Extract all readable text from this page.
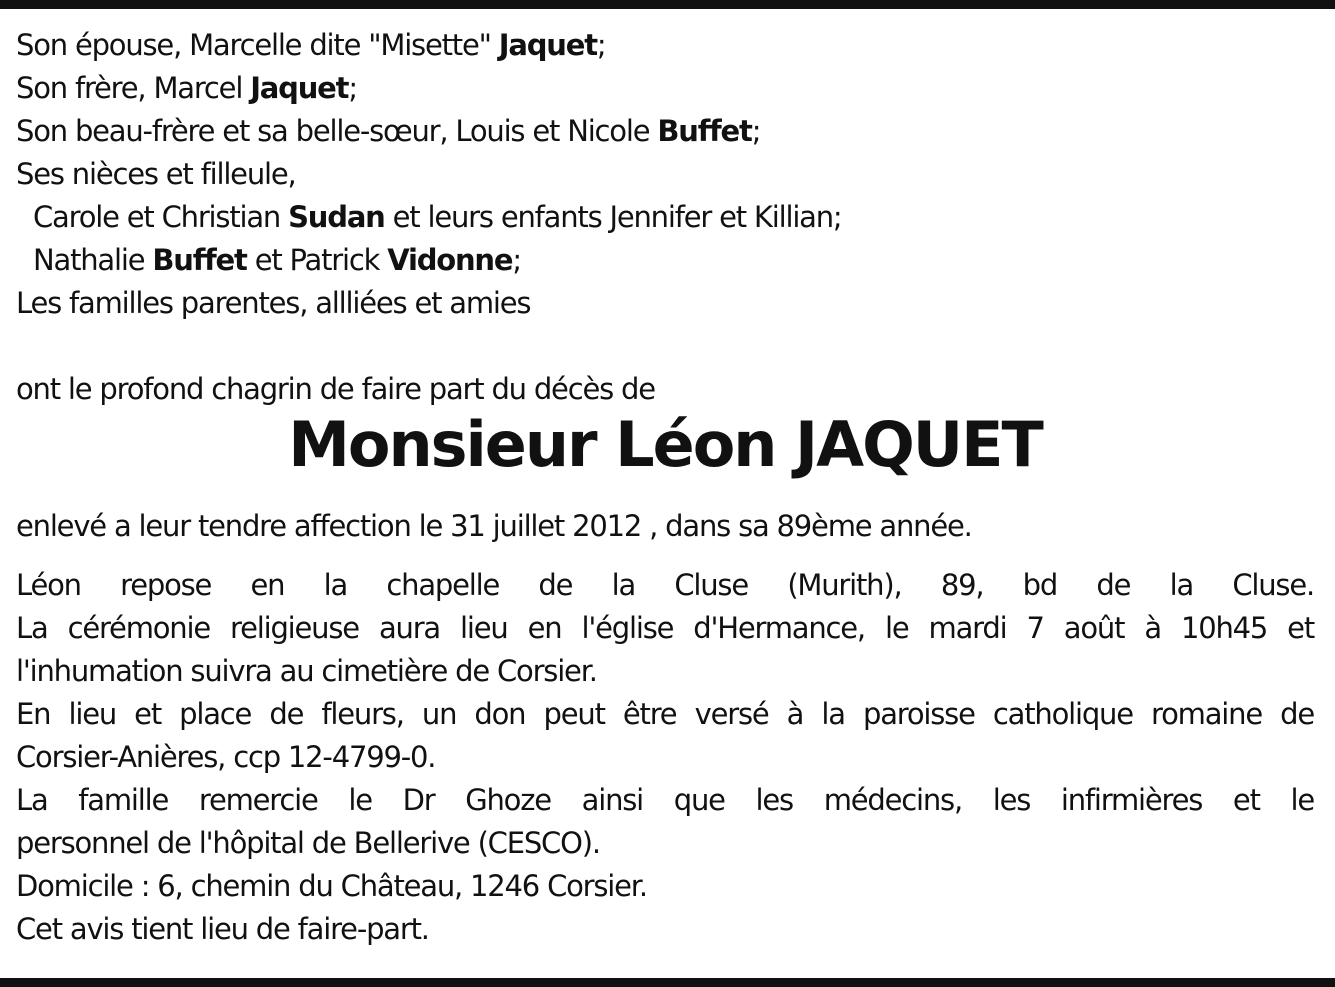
Son épouse, Marcelle dite "Misette" Jaquet;
Son frère, Marcel Jaquet;
Son beau-frère et sa belle-sœur, Louis et Nicole Buffet;
Ses nièces et filleule,
Carole et Christian Sudan et leurs enfants Jennifer et Killian;
Nathalie Buffet et Patrick Vidonne;
Les familles parentes, allliées et amies
ont le profond chagrin de faire part du décès de
Monsieur Léon JAQUET
enlevé a leur tendre affection le 31 juillet 2012 , dans sa 89ème année.
Léon repose en la chapelle de la Cluse (Murith), 89, bd de la Cluse.
La cérémonie religieuse aura lieu en l'église d'Hermance, le mardi 7 août à 10h45 et
l'inhumation suivra au cimetière de Corsier.
En lieu et place de fleurs, un don peut être versé à la paroisse catholique romaine de
Corsier-Anières, ccp 12-4799-0.
La famille remercie le Dr Ghoze ainsi que les médecins, les infirmières et le
personnel de l'hôpital de Bellerive (CESCO).
Domicile : 6, chemin du Château, 1246 Corsier.
Cet avis tient lieu de faire-part.
